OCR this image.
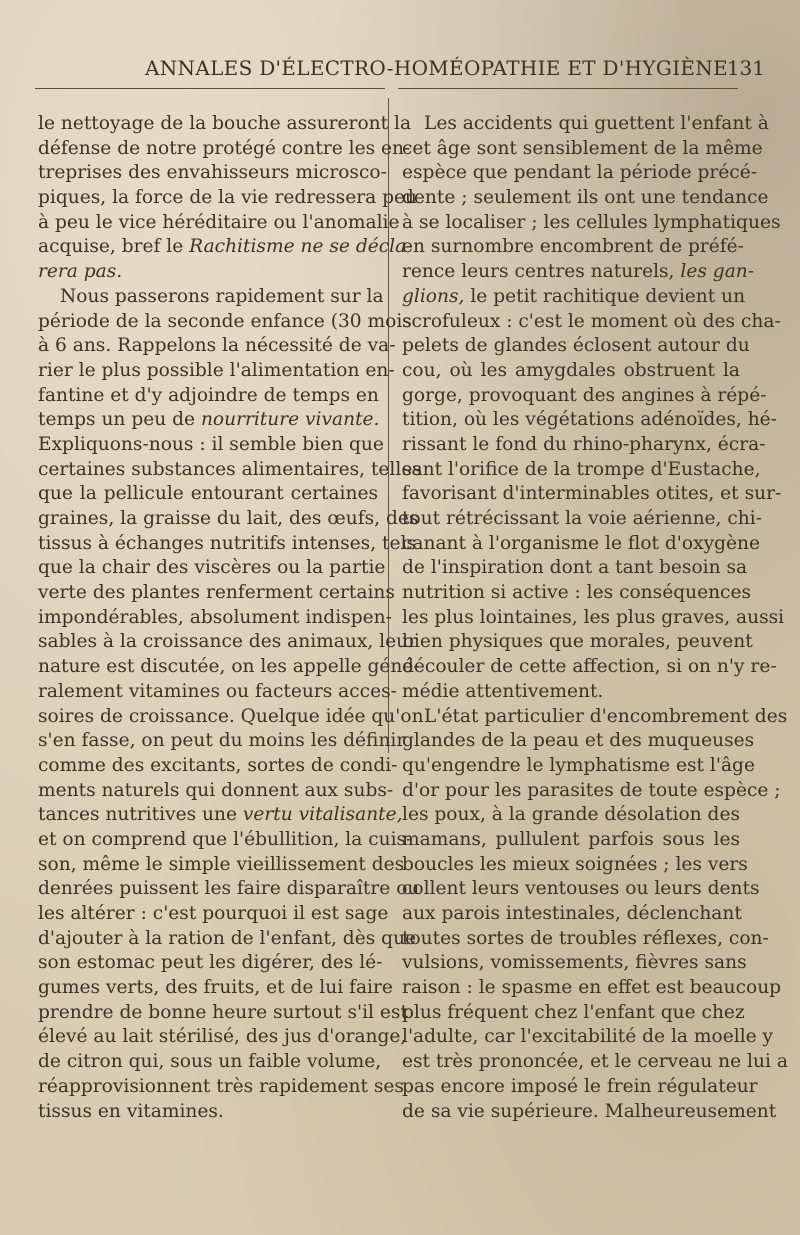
ANNALES D'ÉLECTRO-HOMÉOPATHIE ET D'HYGIÈNE
131
le nettoyage de la bouche assureront la
défense de notre protégé contre les en-
treprises des envahisseurs microsco-
piques, la force de la vie redressera peu
à peu le vice héréditaire ou l'anomalie
acquise, bref le Rachitisme ne se décla-
rera pas.
Nous passerons rapidement sur la
période de la seconde enfance (30 mois
à 6 ans. Rappelons la nécessité de va-
rier le plus possible l'alimentation en-
fantine et d'y adjoindre de temps en
temps un peu de nourriture vivante.
Expliquons-nous : il semble bien que
certaines substances alimentaires, telles
que la pellicule entourant certaines
graines, la graisse du lait, des œufs, des
tissus à échanges nutritifs intenses, tels
que la chair des viscères ou la partie
verte des plantes renferment certains
impondérables, absolument indispen-
sables à la croissance des animaux, leur
nature est discutée, on les appelle géné-
ralement vitamines ou facteurs acces-
soires de croissance. Quelque idée qu'on
s'en fasse, on peut du moins les définir
comme des excitants, sortes de condi-
ments naturels qui donnent aux subs-
tances nutritives une vertu vitalisante,
et on comprend que l'ébullition, la cuis-
son, même le simple vieillissement des
denrées puissent les faire disparaître ou
les altérer : c'est pourquoi il est sage
d'ajouter à la ration de l'enfant, dès que
son estomac peut les digérer, des lé-
gumes verts, des fruits, et de lui faire
prendre de bonne heure surtout s'il est
élevé au lait stérilisé, des jus d'orange,
de citron qui, sous un faible volume,
réapprovisionnent très rapidement ses
tissus en vitamines.
Les accidents qui guettent l'enfant à
cet âge sont sensiblement de la même
espèce que pendant la période précé-
dente ; seulement ils ont une tendance
à se localiser ; les cellules lymphatiques
en surnombre encombrent de préfé-
rence leurs centres naturels, les gan-
glions, le petit rachitique devient un
scrofuleux : c'est le moment où des cha-
pelets de glandes éclosent autour du
cou, où les amygdales obstruent la
gorge, provoquant des angines à répé-
tition, où les végétations adénoïdes, hé-
rissant le fond du rhino-pharynx, écra-
sant l'orifice de la trompe d'Eustache,
favorisant d'interminables otites, et sur-
tout rétrécissant la voie aérienne, chi-
canant à l'organisme le flot d'oxygène
de l'inspiration dont a tant besoin sa
nutrition si active : les conséquences
les plus lointaines, les plus graves, aussi
bien physiques que morales, peuvent
découler de cette affection, si on n'y re-
médie attentivement.
L'état particulier d'encombrement des
glandes de la peau et des muqueuses
qu'engendre le lymphatisme est l'âge
d'or pour les parasites de toute espèce ;
les poux, à la grande désolation des
mamans, pullulent parfois sous les
boucles les mieux soignées ; les vers
collent leurs ventouses ou leurs dents
aux parois intestinales, déclenchant
toutes sortes de troubles réflexes, con-
vulsions, vomissements, fièvres sans
raison : le spasme en effet est beaucoup
plus fréquent chez l'enfant que chez
l'adulte, car l'excitabilité de la moelle y
est très prononcée, et le cerveau ne lui a
pas encore imposé le frein régulateur
de sa vie supérieure. Malheureusement
